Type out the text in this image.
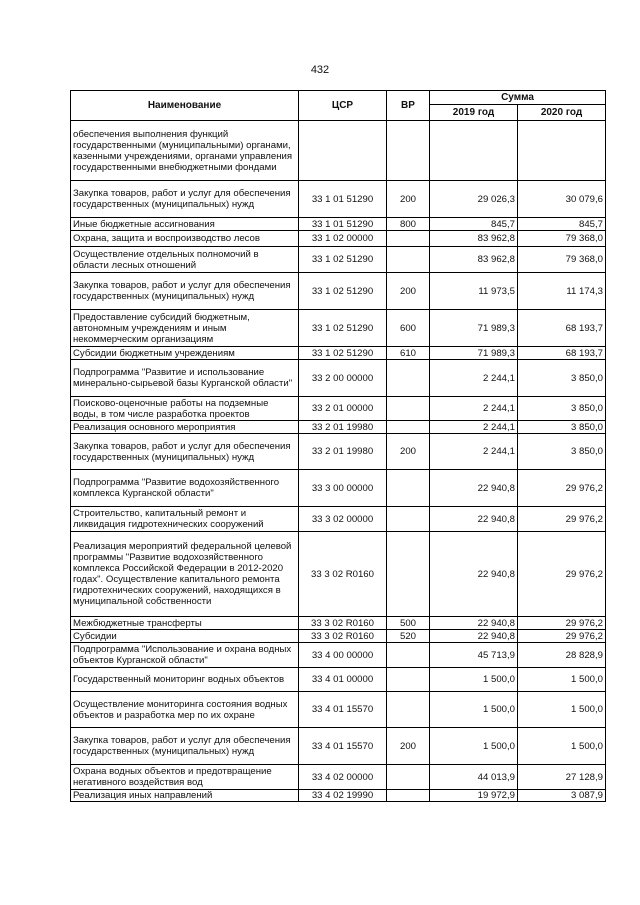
432
Наименование	ЦСР	ВР	Сумма	
			2019 год	2020 год
обеспечения выполнения функций государственными (муниципальными) органами, казенными учреждениями, органами управления государственными внебюджетными фондами				
Закупка товаров, работ и услуг для обеспечения государственных (муниципальных) нужд	33 1 01 51290	200	29 026,3	30 079,6
Иные бюджетные ассигнования	33 1 01 51290	800	845,7	845,7
Охрана, защита и воспроизводство лесов	33 1 02 00000		83 962,8	79 368,0
Осуществление отдельных полномочий в области лесных отношений	33 1 02 51290		83 962,8	79 368,0
Закупка товаров, работ и услуг для обеспечения государственных (муниципальных) нужд	33 1 02 51290	200	11 973,5	11 174,3
Предоставление субсидий бюджетным, автономным учреждениям и иным некоммерческим организациям	33 1 02 51290	600	71 989,3	68 193,7
Субсидии бюджетным учреждениям	33 1 02 51290	610	71 989,3	68 193,7
Подпрограмма "Развитие и использование минерально-сырьевой базы Курганской области"	33 2 00 00000		2 244,1	3 850,0
Поисково-оценочные работы на подземные воды, в том числе разработка проектов	33 2 01 00000		2 244,1	3 850,0
Реализация основного мероприятия	33 2 01 19980		2 244,1	3 850,0
Закупка товаров, работ и услуг для обеспечения государственных (муниципальных) нужд	33 2 01 19980	200	2 244,1	3 850,0
Подпрограмма "Развитие водохозяйственного комплекса Курганской области"	33 3 00 00000		22 940,8	29 976,2
Строительство, капитальный ремонт и ликвидация гидротехнических сооружений	33 3 02 00000		22 940,8	29 976,2
Реализация мероприятий федеральной целевой программы "Развитие водохозяйственного комплекса Российской Федерации в 2012-2020 годах". Осуществление капитального ремонта гидротехнических сооружений, находящихся в муниципальной собственности	33 3 02 R0160		22 940,8	29 976,2
Межбюджетные трансферты	33 3 02 R0160	500	22 940,8	29 976,2
Субсидии	33 3 02 R0160	520	22 940,8	29 976,2
Подпрограмма "Использование и охрана водных объектов Курганской области"	33 4 00 00000		45 713,9	28 828,9
Государственный мониторинг водных объектов	33 4 01 00000		1 500,0	1 500,0
Осуществление мониторинга состояния водных объектов и разработка мер по их охране	33 4 01 15570		1 500,0	1 500,0
Закупка товаров, работ и услуг для обеспечения государственных (муниципальных) нужд	33 4 01 15570	200	1 500,0	1 500,0
Охрана водных объектов и предотвращение негативного воздействия вод	33 4 02 00000		44 013,9	27 128,9
Реализация иных направлений	33 4 02 19990		19 972,9	3 087,9
